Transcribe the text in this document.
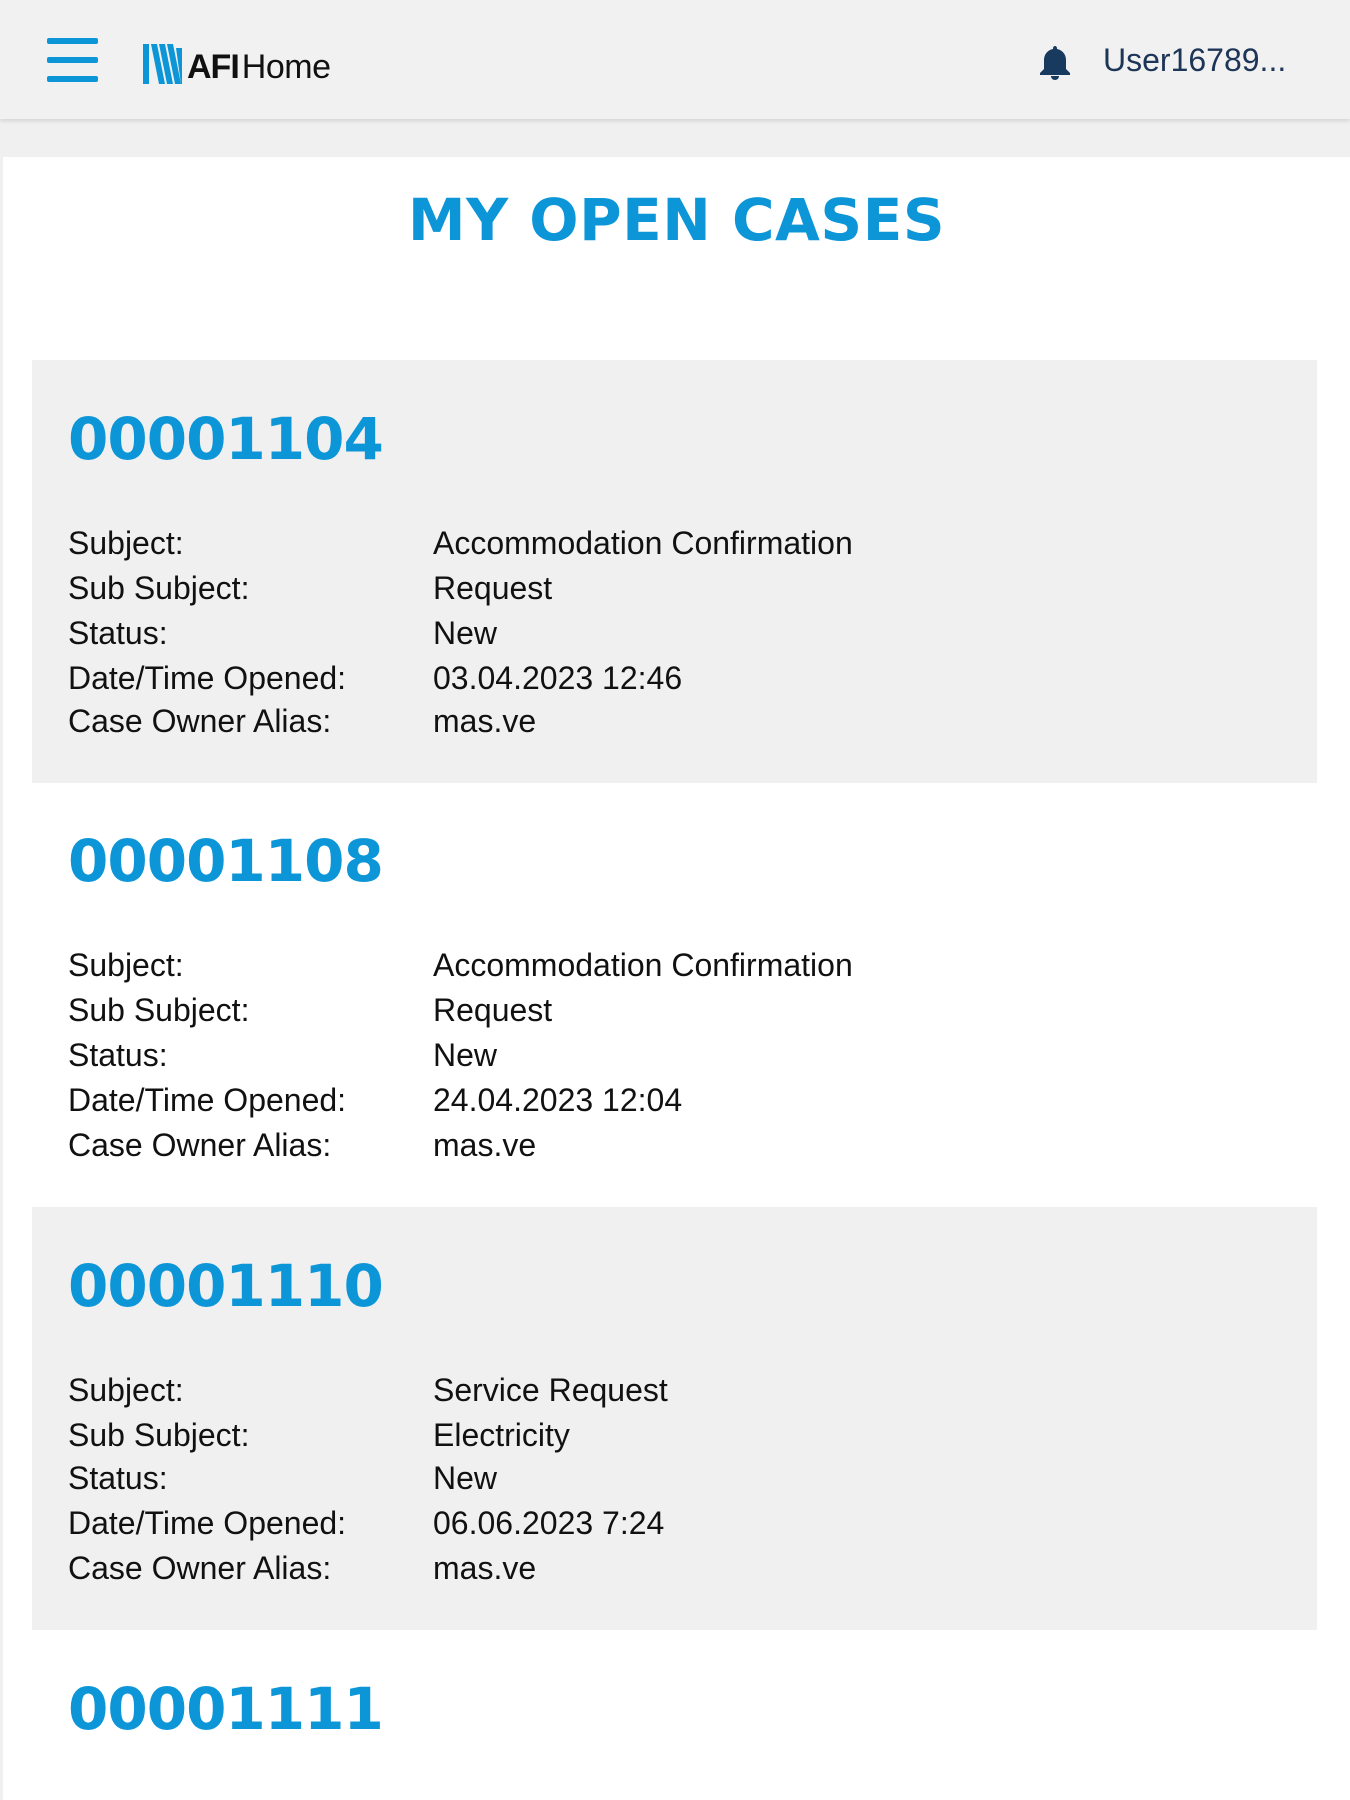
AFI Home	User16789...
MY OPEN CASES
00001104
Subject:	Accommodation Confirmation
Sub Subject:	Request
Status:	New
Date/Time Opened:	03.04.2023 12:46
Case Owner Alias:	mas.ve
00001108
Subject:	Accommodation Confirmation
Sub Subject:	Request
Status:	New
Date/Time Opened:	24.04.2023 12:04
Case Owner Alias:	mas.ve
00001110
Subject:	Service Request
Sub Subject:	Electricity
Status:	New
Date/Time Opened:	06.06.2023 7:24
Case Owner Alias:	mas.ve
00001111
